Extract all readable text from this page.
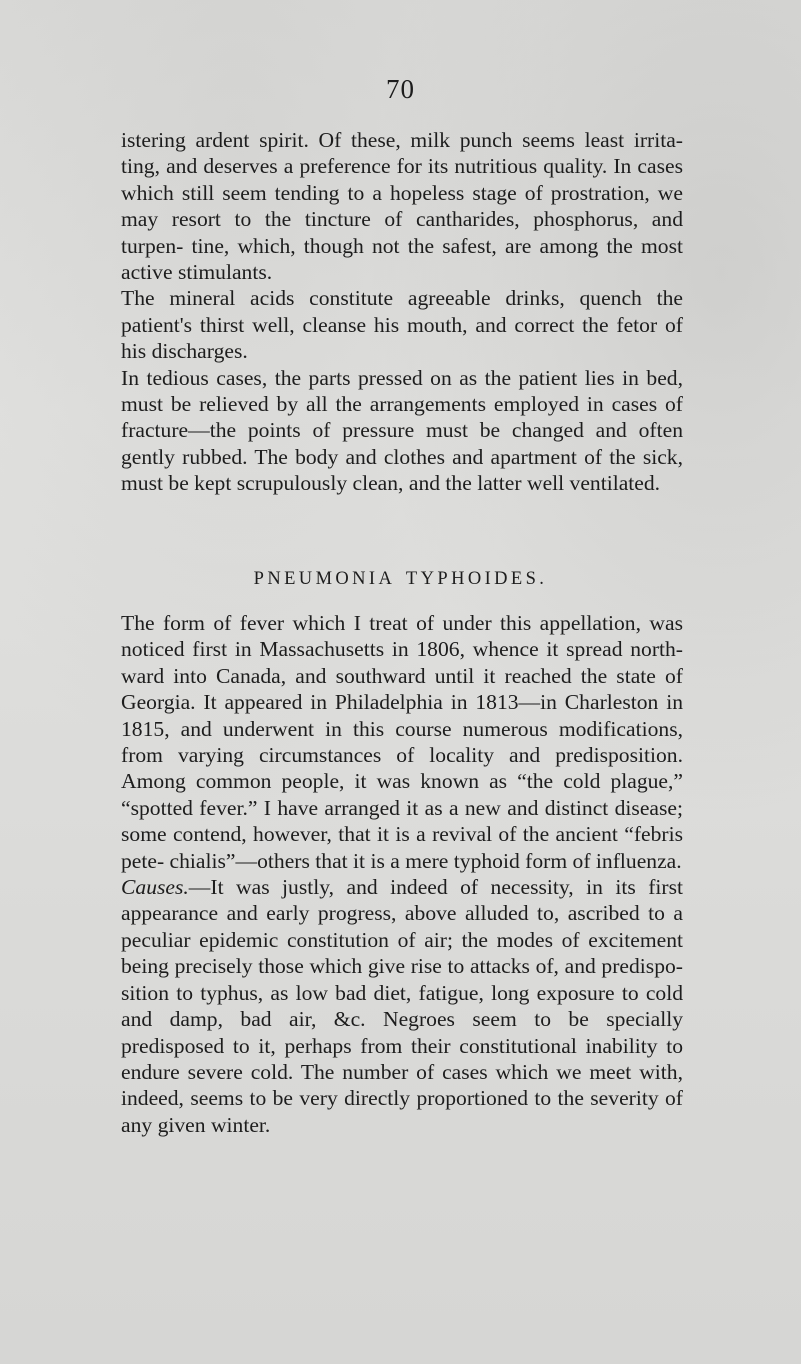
70

istering ardent spirit. Of these, milk punch seems least irrita- ting, and deserves a preference for its nutritious quality. In cases which still seem tending to a hopeless stage of prostration, we may resort to the tincture of cantharides, phosphorus, and turpen- tine, which, though not the safest, are among the most active stimulants.

The mineral acids constitute agreeable drinks, quench the patient's thirst well, cleanse his mouth, and correct the fetor of his discharges.

In tedious cases, the parts pressed on as the patient lies in bed, must be relieved by all the arrangements employed in cases of fracture—the points of pressure must be changed and often gently rubbed. The body and clothes and apartment of the sick, must be kept scrupulously clean, and the latter well ventilated.

PNEUMONIA TYPHOIDES.

The form of fever which I treat of under this appellation, was noticed first in Massachusetts in 1806, whence it spread north- ward into Canada, and southward until it reached the state of Georgia. It appeared in Philadelphia in 1813—in Charleston in 1815, and underwent in this course numerous modifications, from varying circumstances of locality and predisposition. Among common people, it was known as “the cold plague,” “spotted fever.” I have arranged it as a new and distinct disease; some contend, however, that it is a revival of the ancient “febris pete- chialis”—others that it is a mere typhoid form of influenza.

Causes.—It was justly, and indeed of necessity, in its first appearance and early progress, above alluded to, ascribed to a peculiar epidemic constitution of air; the modes of excitement being precisely those which give rise to attacks of, and predispo- sition to typhus, as low bad diet, fatigue, long exposure to cold and damp, bad air, &c. Negroes seem to be specially predisposed to it, perhaps from their constitutional inability to endure severe cold. The number of cases which we meet with, indeed, seems to be very directly proportioned to the severity of any given winter.
